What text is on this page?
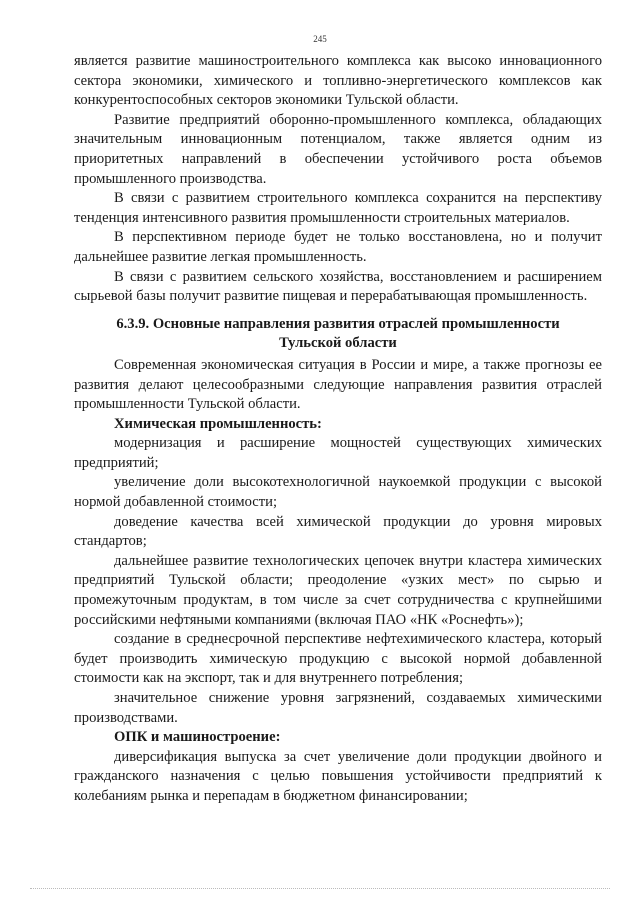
245

является развитие машиностроительного комплекса как высоко инновационного сектора экономики, химического и топливно-энергетического комплексов как конкурентоспособных секторов экономики Тульской области.

Развитие предприятий оборонно-промышленного комплекса, обладающих значительным инновационным потенциалом, также является одним из приоритетных направлений в обеспечении устойчивого роста объемов промышленного производства.

В связи с развитием строительного комплекса сохранится на перспективу тенденция интенсивного развития промышленности строительных материалов.

В перспективном периоде будет не только восстановлена, но и получит дальнейшее развитие легкая промышленность.

В связи с развитием сельского хозяйства, восстановлением и расширением сырьевой базы получит развитие пищевая и перерабатывающая промышленность.

6.3.9. Основные направления развития отраслей промышленности Тульской области

Современная экономическая ситуация в России и мире, а также прогнозы ее развития делают целесообразными следующие направления развития отраслей промышленности Тульской области.

Химическая промышленность:

модернизация и расширение мощностей существующих химических предприятий;

увеличение доли высокотехнологичной наукоемкой продукции с высокой нормой добавленной стоимости;

доведение качества всей химической продукции до уровня мировых стандартов;

дальнейшее развитие технологических цепочек внутри кластера химических предприятий Тульской области; преодоление «узких мест» по сырью и промежуточным продуктам, в том числе за счет сотрудничества с крупнейшими российскими нефтяными компаниями (включая ПАО «НК «Роснефть»);

создание в среднесрочной перспективе нефтехимического кластера, который будет производить химическую продукцию с высокой нормой добавленной стоимости как на экспорт, так и для внутреннего потребления;

значительное снижение уровня загрязнений, создаваемых химическими производствами.

ОПК и машиностроение:

диверсификация выпуска за счет увеличение доли продукции двойного и гражданского назначения с целью повышения устойчивости предприятий к колебаниям рынка и перепадам в бюджетном финансировании;
